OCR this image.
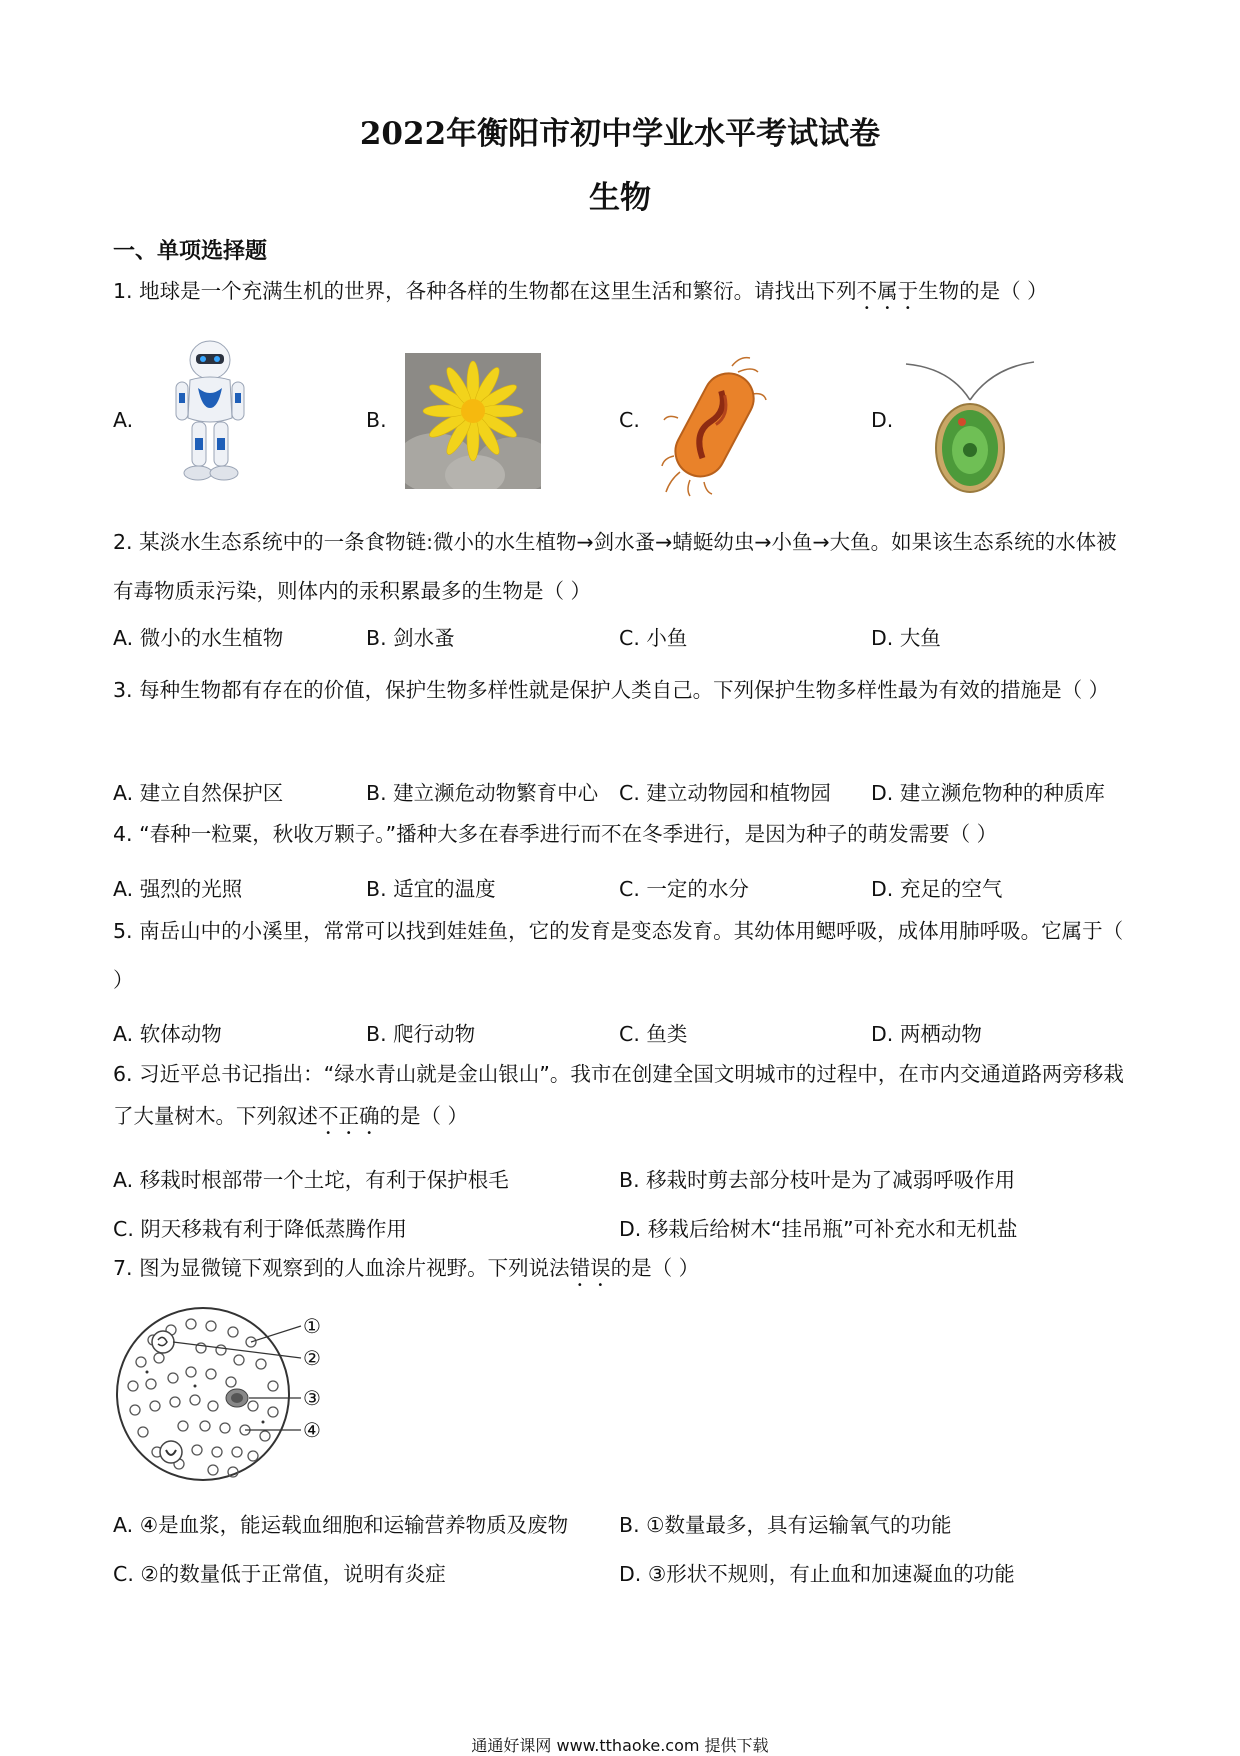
2022年衡阳市初中学业水平考试试卷
生物
一、单项选择题
1. 地球是一个充满生机的世界，各种各样的生物都在这里生活和繁衍。请找出下列不属于生物的是（ ）
A.	B.	C.	D.
2. 某淡水生态系统中的一条食物链:微小的水生植物→剑水蚤→蜻蜓幼虫→小鱼→大鱼。如果该生态系统的水体被有毒物质汞污染，则体内的汞积累最多的生物是（ ）
A. 微小的水生植物	B. 剑水蚤	C. 小鱼	D. 大鱼
3. 每种生物都有存在的价值，保护生物多样性就是保护人类自己。下列保护生物多样性最为有效的措施是（ ）
A. 建立自然保护区	B. 建立濒危动物繁育中心 C. 建立动物园和植物园 D. 建立濒危物种的种质库
4. “春种一粒粟，秋收万颗子。”播种大多在春季进行而不在冬季进行，是因为种子的萌发需要（ ）
A. 强烈的光照	B. 适宜的温度	C. 一定的水分	D. 充足的空气
5. 南岳山中的小溪里，常常可以找到娃娃鱼，它的发育是变态发育。其幼体用鳃呼吸，成体用肺呼吸。它属于（ ）
A. 软体动物	B. 爬行动物	C. 鱼类	D. 两栖动物
6. 习近平总书记指出：“绿水青山就是金山银山”。我市在创建全国文明城市的过程中，在市内交通道路两旁移栽了大量树木。下列叙述不正确的是（ ）
A. 移栽时根部带一个土坨，有利于保护根毛	B. 移栽时剪去部分枝叶是为了减弱呼吸作用
C. 阴天移栽有利于降低蒸腾作用	D. 移栽后给树木“挂吊瓶”可补充水和无机盐
7. 图为显微镜下观察到的人血涂片视野。下列说法错误的是（ ）
①
②
③
④
A. ④是血浆，能运载血细胞和运输营养物质及废物 B. ①数量最多，具有运输氧气的功能
C. ②的数量低于正常值，说明有炎症	D. ③形状不规则，有止血和加速凝血的功能
通通好课网 www.tthaoke.com 提供下载
